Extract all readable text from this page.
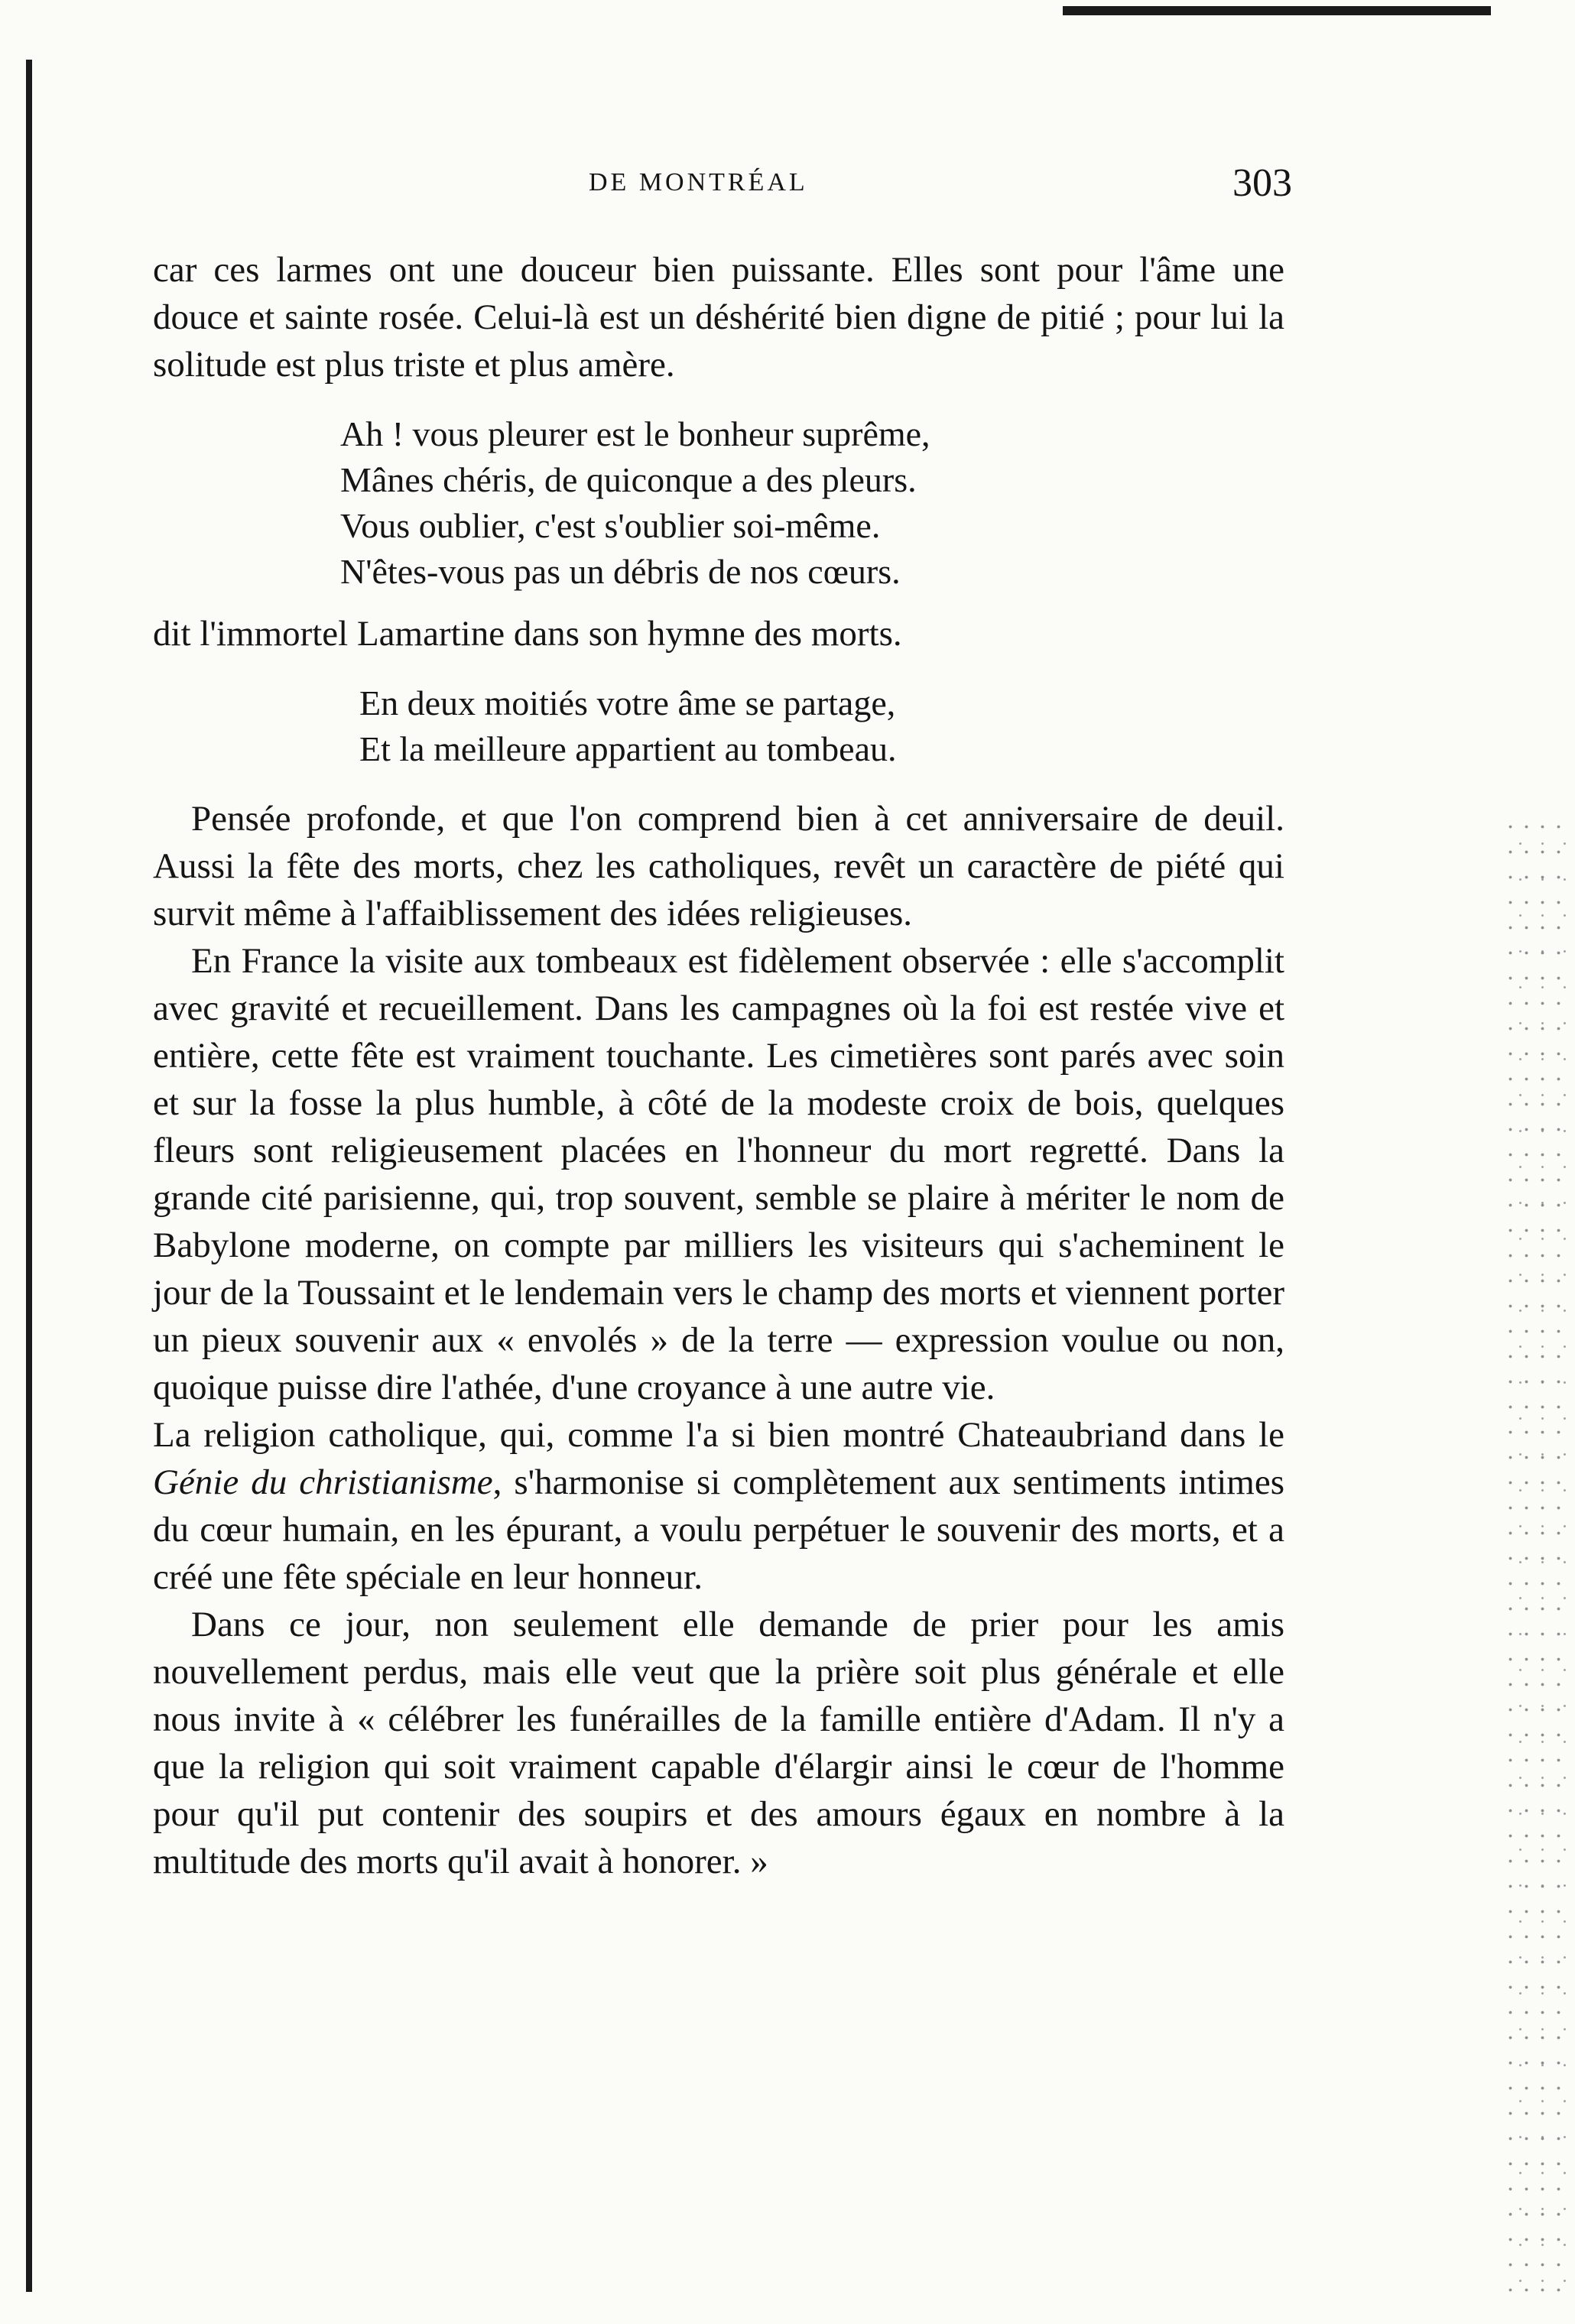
DE MONTRÉAL	303

car ces larmes ont une douceur bien puissante. Elles sont pour l'âme une douce et sainte rosée. Celui-là est un déshérité bien digne de pitié ; pour lui la solitude est plus triste et plus amère.

Ah ! vous pleurer est le bonheur suprême,

Mânes chéris, de quiconque a des pleurs.

Vous oublier, c'est s'oublier soi-même.

N'êtes-vous pas un débris de nos cœurs.

dit l'immortel Lamartine dans son hymne des morts.

En deux moitiés votre âme se partage,

Et la meilleure appartient au tombeau.

Pensée profonde, et que l'on comprend bien à cet anniversaire de deuil. Aussi la fête des morts, chez les catholiques, revêt un caractère de piété qui survit même à l'affaiblissement des idées religieuses.

En France la visite aux tombeaux est fidèlement observée : elle s'accomplit avec gravité et recueillement. Dans les campagnes où la foi est restée vive et entière, cette fête est vraiment touchante. Les cimetières sont parés avec soin et sur la fosse la plus humble, à côté de la modeste croix de bois, quelques fleurs sont religieusement placées en l'honneur du mort regretté. Dans la grande cité parisienne, qui, trop souvent, semble se plaire à mériter le nom de Babylone moderne, on compte par milliers les visiteurs qui s'acheminent le jour de la Toussaint et le lendemain vers le champ des morts et viennent porter un pieux souvenir aux « envolés » de la terre — expression voulue ou non, quoique puisse dire l'athée, d'une croyance à une autre vie.

La religion catholique, qui, comme l'a si bien montré Chateaubriand dans le Génie du christianisme, s'harmonise si complètement aux sentiments intimes du cœur humain, en les épurant, a voulu perpétuer le souvenir des morts, et a créé une fête spéciale en leur honneur.

Dans ce jour, non seulement elle demande de prier pour les amis nouvellement perdus, mais elle veut que la prière soit plus générale et elle nous invite à « célébrer les funérailles de la famille entière d'Adam. Il n'y a que la religion qui soit vraiment capable d'élargir ainsi le cœur de l'homme pour qu'il put contenir des soupirs et des amours égaux en nombre à la multitude des morts qu'il avait à honorer. »
